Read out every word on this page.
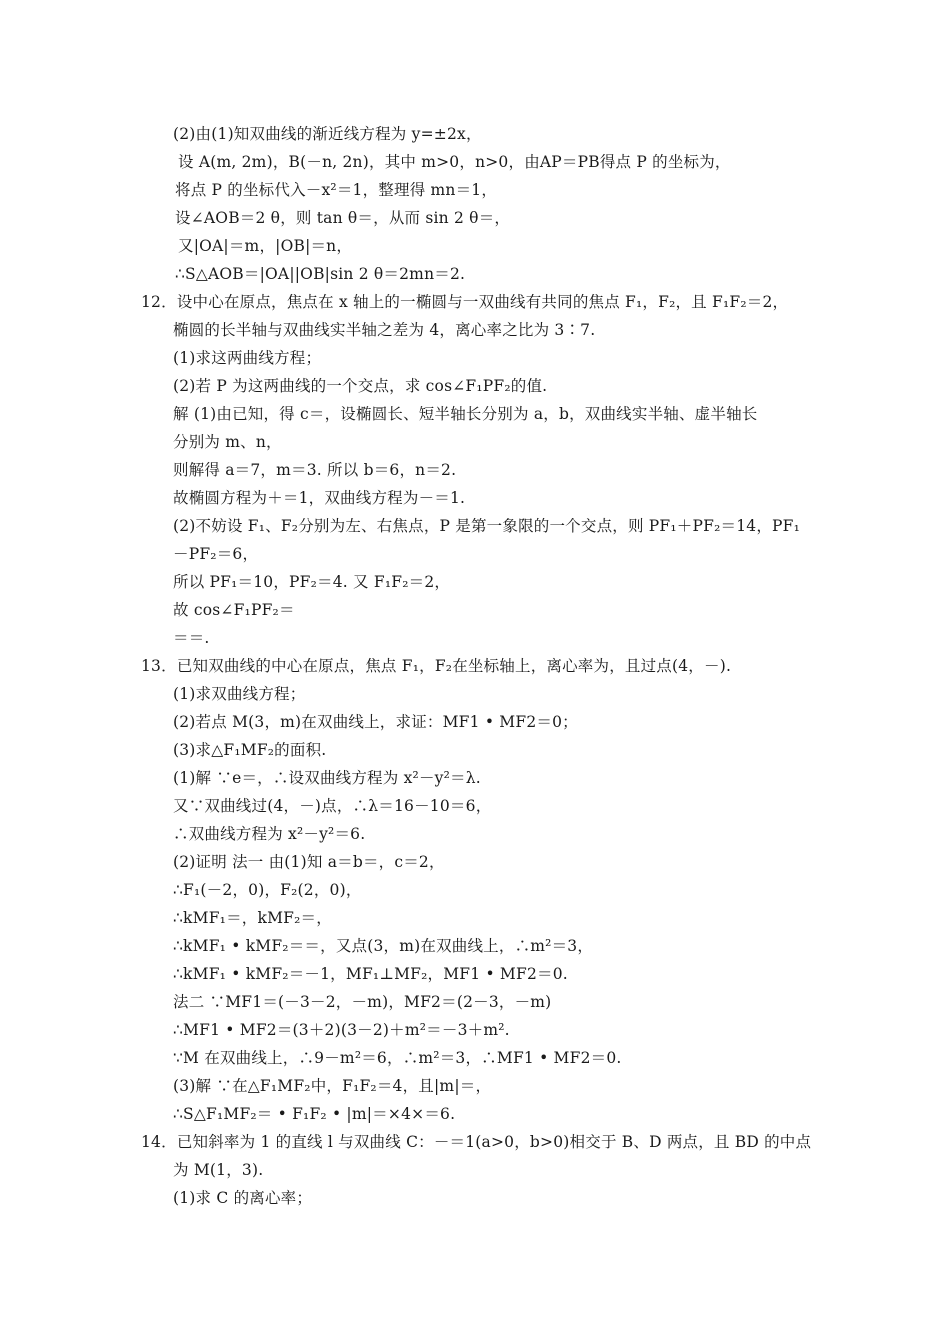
(2)由(1)知双曲线的渐近线方程为 y=±2x，
设 A(m, 2m)，B(－n, 2n)，其中 m>0，n>0，由AP＝PB得点 P 的坐标为，
将点 P 的坐标代入－x²＝1，整理得 mn＝1，
设∠AOB＝2 θ，则 tan θ＝，从而 sin 2 θ＝，
又|OA|＝m，|OB|＝n，
∴S△AOB＝|OA||OB|sin 2 θ＝2mn＝2.
12．设中心在原点，焦点在 x 轴上的一椭圆与一双曲线有共同的焦点 F₁，F₂，且 F₁F₂＝2，
椭圆的长半轴与双曲线实半轴之差为 4，离心率之比为 3∶7.
(1)求这两曲线方程；
(2)若 P 为这两曲线的一个交点，求 cos∠F₁PF₂的值.
解 (1)由已知，得 c＝，设椭圆长、短半轴长分别为 a，b，双曲线实半轴、虚半轴长
分别为 m、n，
则解得 a＝7，m＝3. 所以 b＝6，n＝2.
故椭圆方程为＋＝1，双曲线方程为－＝1.
(2)不妨设 F₁、F₂分别为左、右焦点，P 是第一象限的一个交点，则 PF₁＋PF₂＝14，PF₁
－PF₂＝6，
所以 PF₁＝10，PF₂＝4. 又 F₁F₂＝2，
故 cos∠F₁PF₂＝
＝＝.
13．已知双曲线的中心在原点，焦点 F₁，F₂在坐标轴上，离心率为，且过点(4，－).
(1)求双曲线方程；
(2)若点 M(3，m)在双曲线上，求证：MF1 • MF2＝0；
(3)求△F₁MF₂的面积.
(1)解 ∵e＝，∴设双曲线方程为 x²－y²＝λ.
又∵双曲线过(4，－)点，∴λ＝16－10＝6，
∴双曲线方程为 x²－y²＝6.
(2)证明 法一 由(1)知 a＝b＝，c＝2，
∴F₁(－2，0)，F₂(2，0)，
∴kMF₁＝，kMF₂＝，
∴kMF₁ • kMF₂＝＝，又点(3，m)在双曲线上，∴m²＝3，
∴kMF₁ • kMF₂＝－1，MF₁⊥MF₂，MF1 • MF2＝0.
法二 ∵MF1＝(－3－2，－m)，MF2＝(2－3，－m)
∴MF1 • MF2＝(3＋2)(3－2)＋m²＝－3＋m².
∵M 在双曲线上，∴9－m²＝6，∴m²＝3，∴MF1 • MF2＝0.
(3)解 ∵在△F₁MF₂中，F₁F₂＝4，且|m|＝，
∴S△F₁MF₂＝ • F₁F₂ • |m|＝×4×＝6.
14．已知斜率为 1 的直线 l 与双曲线 C：－＝1(a>0，b>0)相交于 B、D 两点，且 BD 的中点
为 M(1，3).
(1)求 C 的离心率；
